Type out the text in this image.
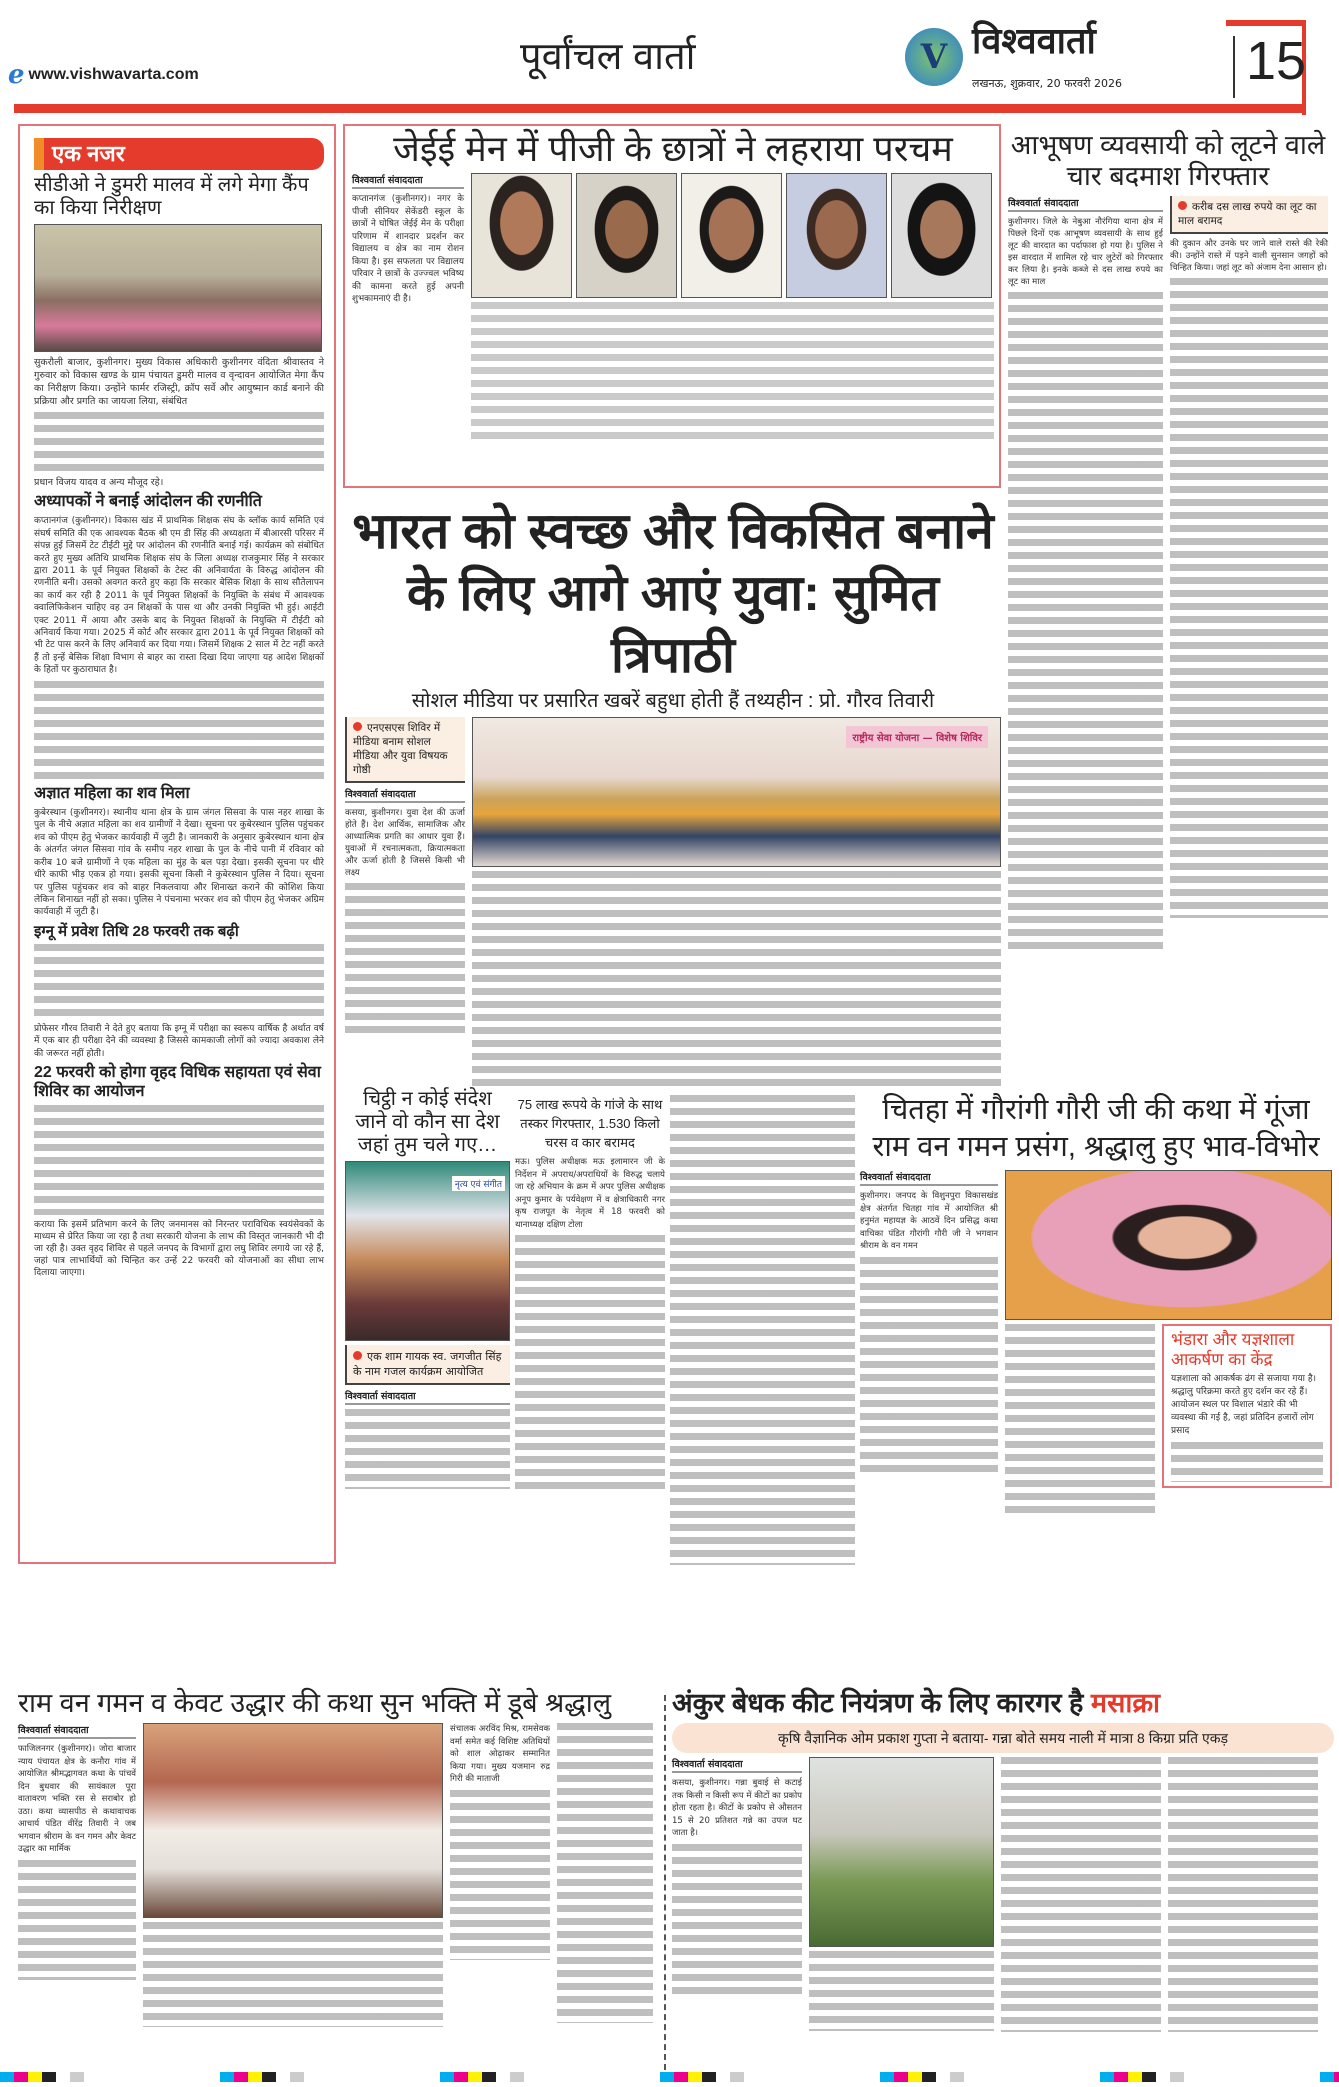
e www.vishwavarta.com	पूर्वांचल वार्ता	V विश्ववार्ता
लखनऊ, शुक्रवार, 20 फरवरी 2026 15
एक नजर
सीडीओ ने डुमरी मालव में लगे मेगा कैंप का किया निरीक्षण
सुकरौली बाजार, कुशीनगर। मुख्य विकास अधिकारी कुशीनगर वंदिता श्रीवास्तव ने गुरुवार को विकास खण्ड के ग्राम पंचायत डुमरी मालव व वृन्दावन आयोजित मेगा कैंप का निरीक्षण किया। उन्होंने फार्मर रजिस्ट्री, क्रॉप सर्वे और आयुष्मान कार्ड बनाने की प्रक्रिया और प्रगति का जायजा लिया, संबंधित
प्रधान विजय यादव व अन्य मौजूद रहे।
अध्यापकों ने बनाई आंदोलन की रणनीति
कप्तानगंज (कुशीनगर)। विकास खंड में प्राथमिक शिक्षक संघ के ब्लॉक कार्य समिति एवं संघर्ष समिति की एक आवश्यक बैठक श्री एम डी सिंह की अध्यक्षता में बीआरसी परिसर में संपन्न हुई जिसमें टेट टीईटी मुद्दे पर आंदोलन की रणनीति बनाई गई। कार्यक्रम को संबोधित करते हुए मुख्य अतिथि प्राथमिक शिक्षक संघ के जिला अध्यक्ष राजकुमार सिंह ने सरकार द्वारा 2011 के पूर्व नियुक्त शिक्षकों के टेस्ट की अनिवार्यता के विरुद्ध आंदोलन की रणनीति बनी। उसको अवगत करते हुए कहा कि सरकार बेसिक शिक्षा के साथ सौतेलापन का कार्य कर रही है 2011 के पूर्व नियुक्त शिक्षकों के नियुक्ति के संबंध में आवश्यक क्वालिफिकेशन चाहिए वह उन शिक्षकों के पास था और उनकी नियुक्ति भी हुई। आईटी एक्ट 2011 में आया और उसके बाद के नियुक्त शिक्षकों के नियुक्ति में टीईटी को अनिवार्य किया गया। 2025 में कोर्ट और सरकार द्वारा 2011 के पूर्व नियुक्त शिक्षकों को भी टेट पास करने के लिए अनिवार्य कर दिया गया। जिसमें शिक्षक 2 साल में टेट नहीं करते हैं तो इन्हें बेसिक शिक्षा विभाग से बाहर का रास्ता दिखा दिया जाएगा यह आदेश शिक्षकों के हितों पर कुठाराघात है।
अज्ञात महिला का शव मिला
कुबेरस्थान (कुशीनगर)। स्थानीय थाना क्षेत्र के ग्राम जंगल सिसवा के पास नहर शाखा के पुल के नीचे अज्ञात महिला का शव ग्रामीणों ने देखा। सूचना पर कुबेरस्थान पुलिस पहुंचकर शव को पीएम हेतु भेजकर कार्यवाही में जुटी है। जानकारी के अनुसार कुबेरस्थान थाना क्षेत्र के अंतर्गत जंगल सिसवा गांव के समीप नहर शाखा के पुल के नीचे पानी में रविवार को करीब 10 बजे ग्रामीणों ने एक महिला का मुंह के बल पड़ा देखा। इसकी सूचना पर धीरे धीरे काफी भीड़ एकत्र हो गया। इसकी सूचना किसी ने कुबेरस्थान पुलिस ने दिया। सूचना पर पुलिस पहुंचकर शव को बाहर निकलवाया और शिनाख्त कराने की कोशिश किया लेकिन शिनाख्त नहीं हो सका। पुलिस ने पंचनामा भरकर शव को पीएम हेतु भेजकर अग्रिम कार्यवाही में जुटी है।
इग्नू में प्रवेश तिथि 28 फरवरी तक बढ़ी
प्रोफेसर गौरव तिवारी ने देते हुए बताया कि इग्नू में परीक्षा का स्वरूप वार्षिक है अर्थात वर्ष में एक बार ही परीक्षा देने की व्यवस्था है जिससे कामकाजी लोगों को ज्यादा अवकाश लेने की जरूरत नहीं होती।
22 फरवरी को होगा वृहद विधिक सहायता एवं सेवा शिविर का आयोजन
कराया कि इसमें प्रतिभाग करने के लिए जनमानस को निरन्तर पराविधिक स्वयंसेवकों के माध्यम से प्रेरित किया जा रहा है तथा सरकारी योजना के लाभ की विस्तृत जानकारी भी दी जा रही है। उक्त वृहद शिविर से पहले जनपद के विभागों द्वारा लघु शिविर लगाये जा रहे हैं, जहां पात्र लाभार्थियों को चिन्हित कर उन्हें 22 फरवरी को योजनाओं का सीधा लाभ दिलाया जाएगा।
जेईई मेन में पीजी के छात्रों ने लहराया परचम
विश्ववार्ता संवाददाता
कप्तानगंज (कुशीनगर)। नगर के पीजी सीनियर सेकेंडरी स्कूल के छात्रों ने घोषित जेईई मेन के परीक्षा परिणाम में शानदार प्रदर्शन कर विद्यालय व क्षेत्र का नाम रोशन किया है। इस सफलता पर विद्यालय परिवार ने छात्रों के उज्ज्वल भविष्य की कामना करते हुई अपनी शुभकामनाएं दी है।
आभूषण व्यवसायी को लूटने वाले चार बदमाश गिरफ्तार
विश्ववार्ता संवाददाता
कुशीनगर। जिले के नेबुआ नौरंगिया थाना क्षेत्र में पिछले दिनों एक आभूषण व्यवसायी के साथ हुई लूट की वारदात का पर्दाफाश हो गया है। पुलिस ने इस वारदात में शामिल रहे चार लुटेरों को गिरफ्तार कर लिया है। इनके कब्जे से दस लाख रुपये का लूट का माल
करीब दस लाख रुपये का लूट का माल बरामद
की दुकान और उनके घर जाने वाले रास्ते की रेकी की। उन्होंने रास्ते में पड़ने वाली सुनसान जगहों को चिन्हित किया। जहां लूट को अंजाम देना आसान हो।
भारत को स्वच्छ और विकसित बनाने के लिए आगे आएं युवा: सुमित त्रिपाठी
सोशल मीडिया पर प्रसारित खबरें बहुधा होती हैं तथ्यहीन : प्रो. गौरव तिवारी
एनएसएस शिविर में मीडिया बनाम सोशल मीडिया और युवा विषयक गोष्ठी
विश्ववार्ता संवाददाता
कसया, कुशीनगर। युवा देश की ऊर्जा होते हैं। देश आर्थिक, सामाजिक और आध्यात्मिक प्रगति का आधार युवा हैं। युवाओं में रचनात्मकता, क्रियात्मकता और ऊर्जा होती है जिससे किसी भी लक्ष्य
राष्ट्रीय सेवा योजना — विशेष शिविर
चिट्ठी न कोई संदेश जाने वो कौन सा देश जहां तुम चले गए…
नृत्य एवं संगीत
एक शाम गायक स्व. जगजीत सिंह के नाम गजल कार्यक्रम आयोजित
विश्ववार्ता संवाददाता
75 लाख रूपये के गांजे के साथ तस्कर गिरफ्तार, 1.530 किलो चरस व कार बरामद
मऊ। पुलिस अधीक्षक मऊ इलामारन जी के निर्देशन में अपराध/अपराधियों के विरुद्ध चलाये जा रहे अभियान के क्रम में अपर पुलिस अधीक्षक अनूप कुमार के पर्यवेक्षण में व क्षेत्राधिकारी नगर कृष राजपूत के नेतृत्व में 18 फरवरी को थानाध्यक्ष दक्षिण टोला
चितहा में गौरांगी गौरी जी की कथा में गूंजा राम वन गमन प्रसंग, श्रद्धालु हुए भाव-विभोर
विश्ववार्ता संवाददाता
कुशीनगर। जनपद के विशुनपुरा विकासखंड क्षेत्र अंतर्गत चितहा गांव में आयोजित श्री हनुमंत महायज्ञ के आठवें दिन प्रसिद्ध कथा वाचिका पंडित गौरांगी गौरी जी ने भगवान श्रीराम के वन गमन
भंडारा और यज्ञशाला आकर्षण का केंद्र
यज्ञशाला को आकर्षक ढंग से सजाया गया है। श्रद्धालु परिक्रमा करते हुए दर्शन कर रहे हैं। आयोजन स्थल पर विशाल भंडारे की भी व्यवस्था की गई है, जहां प्रतिदिन हजारों लोग प्रसाद
राम वन गमन व केवट उद्धार की कथा सुन भक्ति में डूबे श्रद्धालु
विश्ववार्ता संवाददाता
फाजिलनगर (कुशीनगर)। जोरा बाजार न्याय पंचायत क्षेत्र के कनौरा गांव में आयोजित श्रीमद्भागवत कथा के पांचवें दिन बुधवार की सायंकाल पूरा वातावरण भक्ति रस से सराबोर हो उठा। कथा व्यासपीठ से कथावाचक आचार्य पंडित वीरेंद्र तिवारी ने जब भगवान श्रीराम के वन गमन और केवट उद्धार का मार्मिक
संचालक अरविंद मिश्र, रामसेवक वर्मा समेत कई विशिष्ट अतिथियों को शाल ओढ़ाकर सम्मानित किया गया। मुख्य यजमान रुद्र गिरी की माताजी
अंकुर बेधक कीट नियंत्रण के लिए कारगर है मसाक्रा
कृषि वैज्ञानिक ओम प्रकाश गुप्ता ने बताया- गन्ना बोते समय नाली में मात्रा 8 किग्रा प्रति एकड़
विश्ववार्ता संवाददाता
कसया, कुशीनगर। गन्ना बुवाई से कटाई तक किसी न किसी रूप में कीटों का प्रकोप होता रहता है। कीटों के प्रकोप से औसतन 15 से 20 प्रतिशत गन्ने का उपज घट जाता है।
